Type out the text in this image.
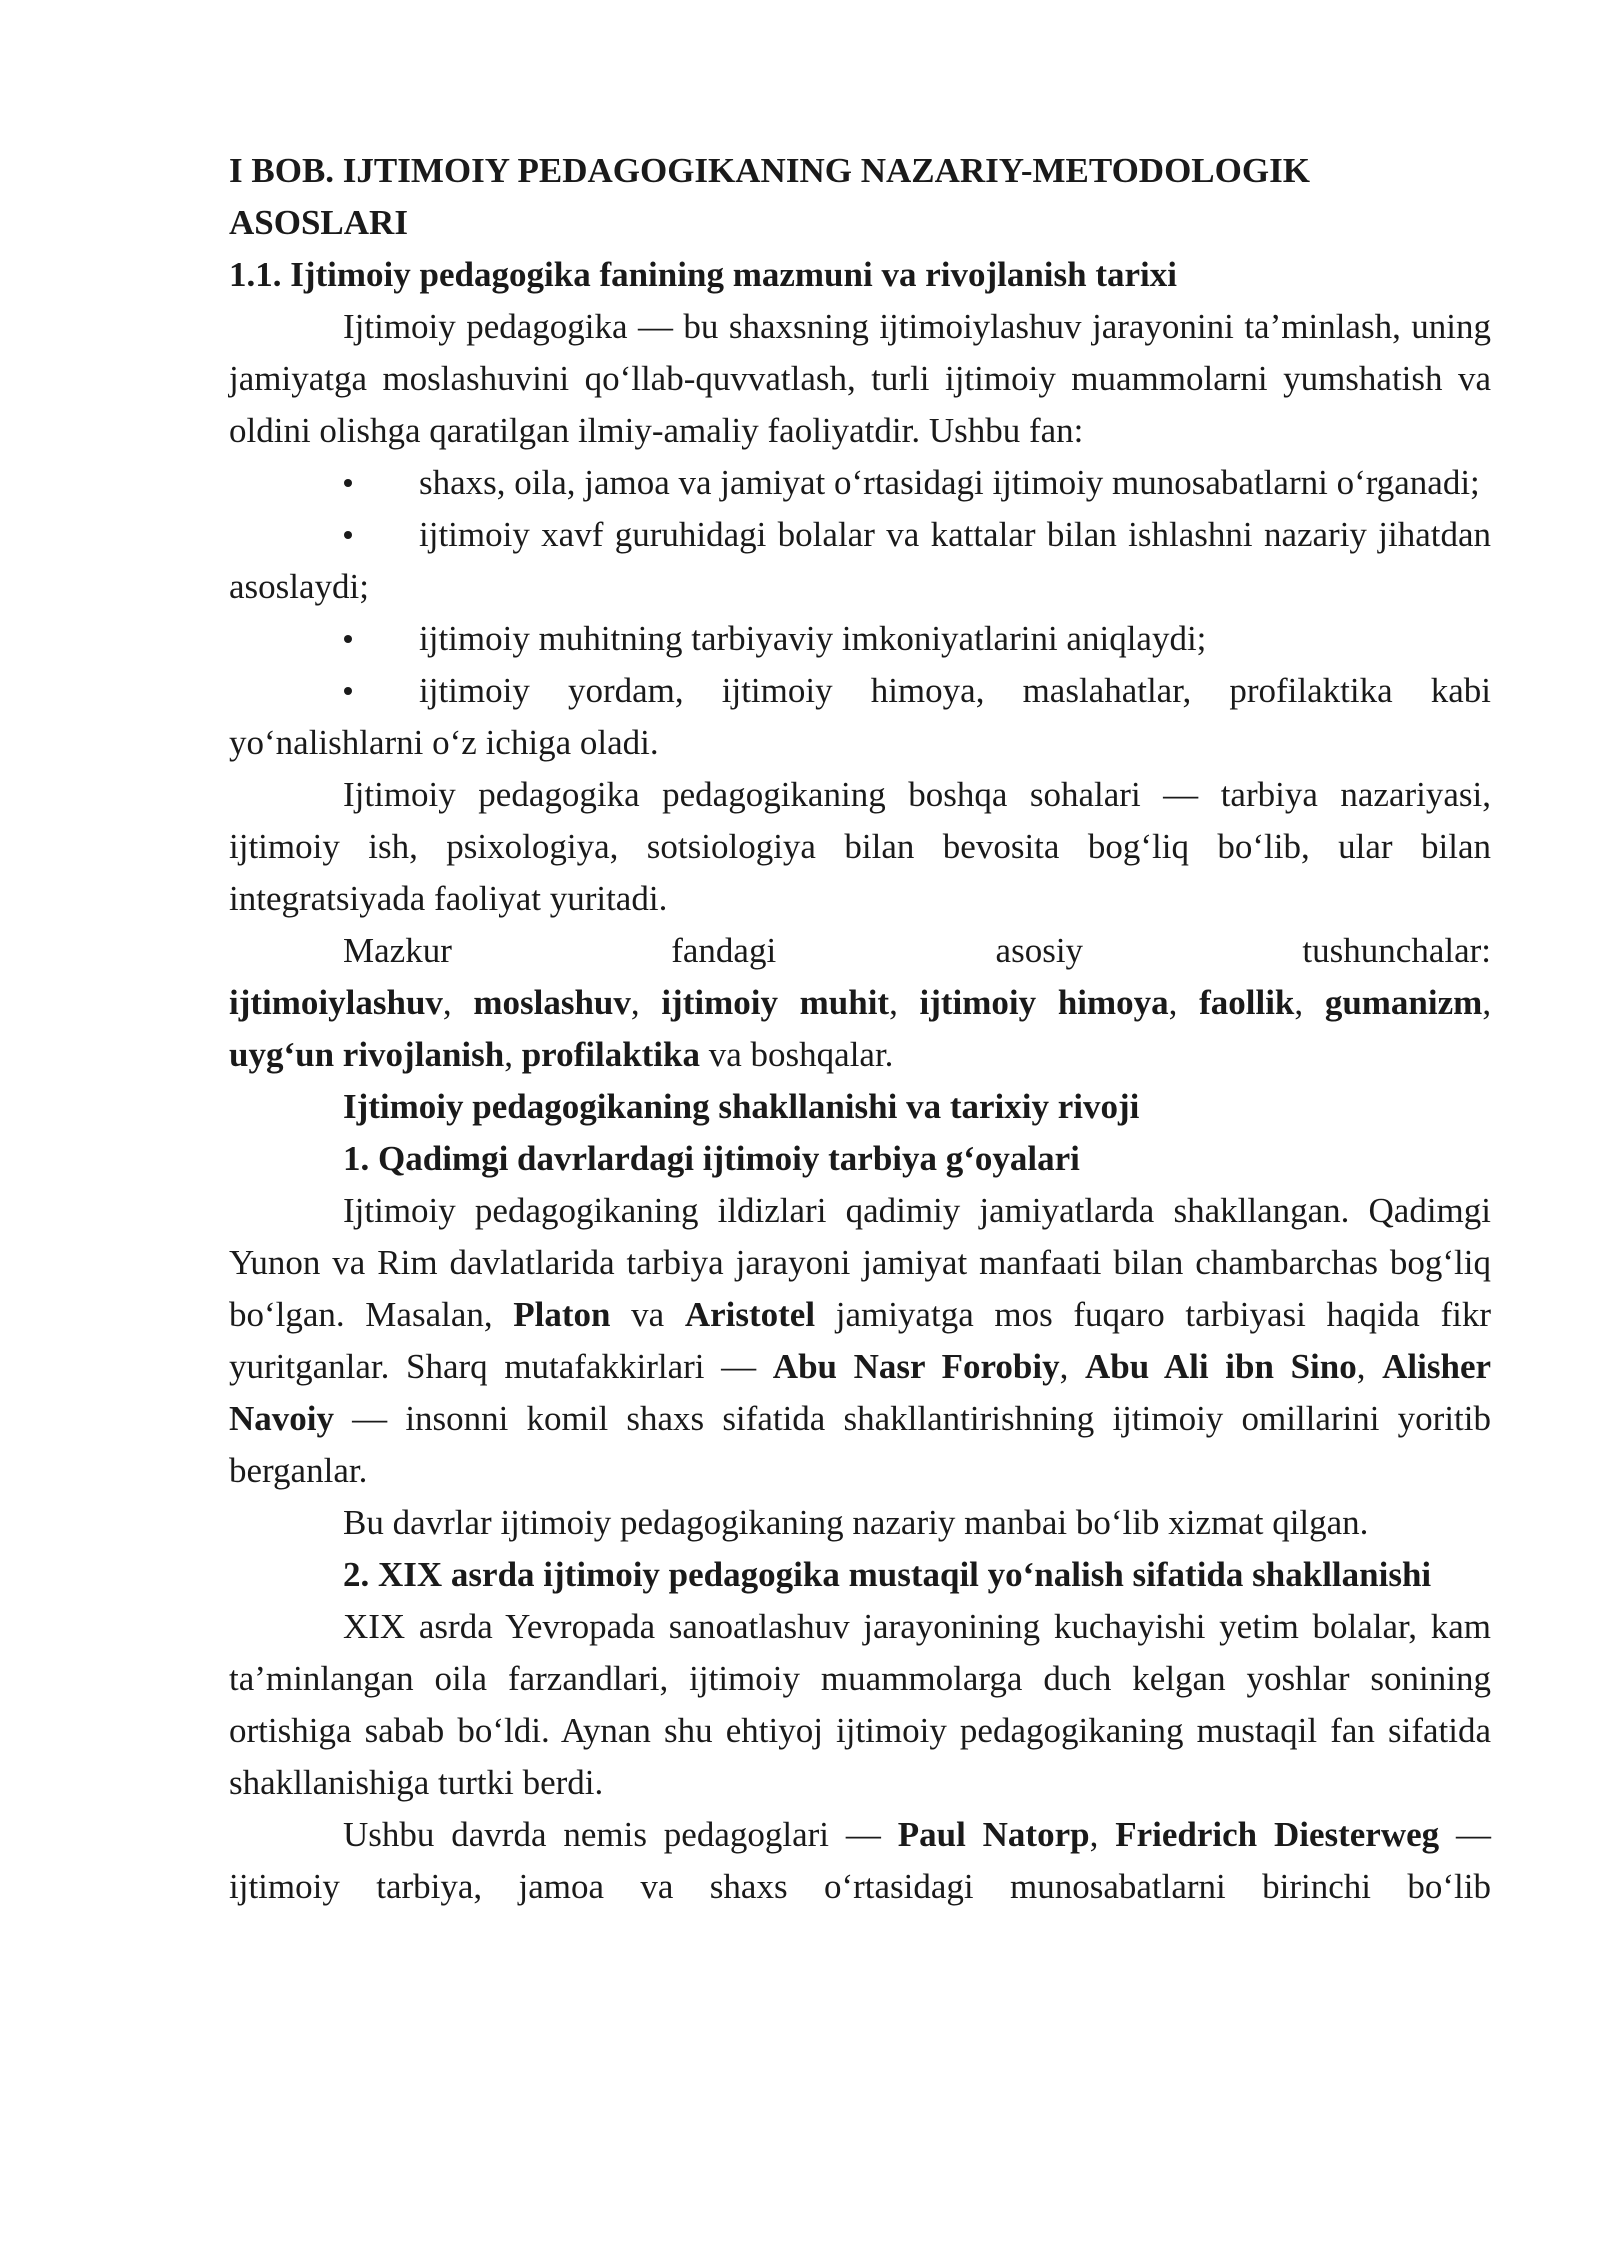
I BOB. IJTIMOIY PEDAGOGIKANING NAZARIY-METODOLOGIK ASOSLARI

1.1. Ijtimoiy pedagogika fanining mazmuni va rivojlanish tarixi

Ijtimoiy pedagogika — bu shaxsning ijtimoiylashuv jarayonini ta’minlash, uning jamiyatga moslashuvini qo‘llab-quvvatlash, turli ijtimoiy muammolarni yumshatish va oldini olishga qaratilgan ilmiy-amaliy faoliyatdir. Ushbu fan:

shaxs, oila, jamoa va jamiyat o‘rtasidagi ijtimoiy munosabatlarni o‘rganadi;

ijtimoiy xavf guruhidagi bolalar va kattalar bilan ishlashni nazariy jihatdan asoslaydi;

ijtimoiy muhitning tarbiyaviy imkoniyatlarini aniqlaydi;

ijtimoiy yordam, ijtimoiy himoya, maslahatlar, profilaktika kabi yo‘nalishlarni o‘z ichiga oladi.

Ijtimoiy pedagogika pedagogikaning boshqa sohalari — tarbiya nazariyasi, ijtimoiy ish, psixologiya, sotsiologiya bilan bevosita bog‘liq bo‘lib, ular bilan integratsiyada faoliyat yuritadi.

Mazkur fandagi asosiy tushunchalar:

ijtimoiylashuv, moslashuv, ijtimoiy muhit, ijtimoiy himoya, faollik, gumanizm, uyg‘un rivojlanish, profilaktika va boshqalar.

Ijtimoiy pedagogikaning shakllanishi va tarixiy rivoji

1. Qadimgi davrlardagi ijtimoiy tarbiya g‘oyalari

Ijtimoiy pedagogikaning ildizlari qadimiy jamiyatlarda shakllangan. Qadimgi Yunon va Rim davlatlarida tarbiya jarayoni jamiyat manfaati bilan chambarchas bog‘liq bo‘lgan. Masalan, Platon va Aristotel jamiyatga mos fuqaro tarbiyasi haqida fikr yuritganlar. Sharq mutafakkirlari — Abu Nasr Forobiy, Abu Ali ibn Sino, Alisher Navoiy — insonni komil shaxs sifatida shakllantirishning ijtimoiy omillarini yoritib berganlar.

Bu davrlar ijtimoiy pedagogikaning nazariy manbai bo‘lib xizmat qilgan.

2. XIX asrda ijtimoiy pedagogika mustaqil yo‘nalish sifatida shakllanishi

XIX asrda Yevropada sanoatlashuv jarayonining kuchayishi yetim bolalar, kam ta’minlangan oila farzandlari, ijtimoiy muammolarga duch kelgan yoshlar sonining ortishiga sabab bo‘ldi. Aynan shu ehtiyoj ijtimoiy pedagogikaning mustaqil fan sifatida shakllanishiga turtki berdi.

Ushbu davrda nemis pedagoglari — Paul Natorp, Friedrich Diesterweg — ijtimoiy tarbiya, jamoa va shaxs o‘rtasidagi munosabatlarni birinchi bo‘lib
